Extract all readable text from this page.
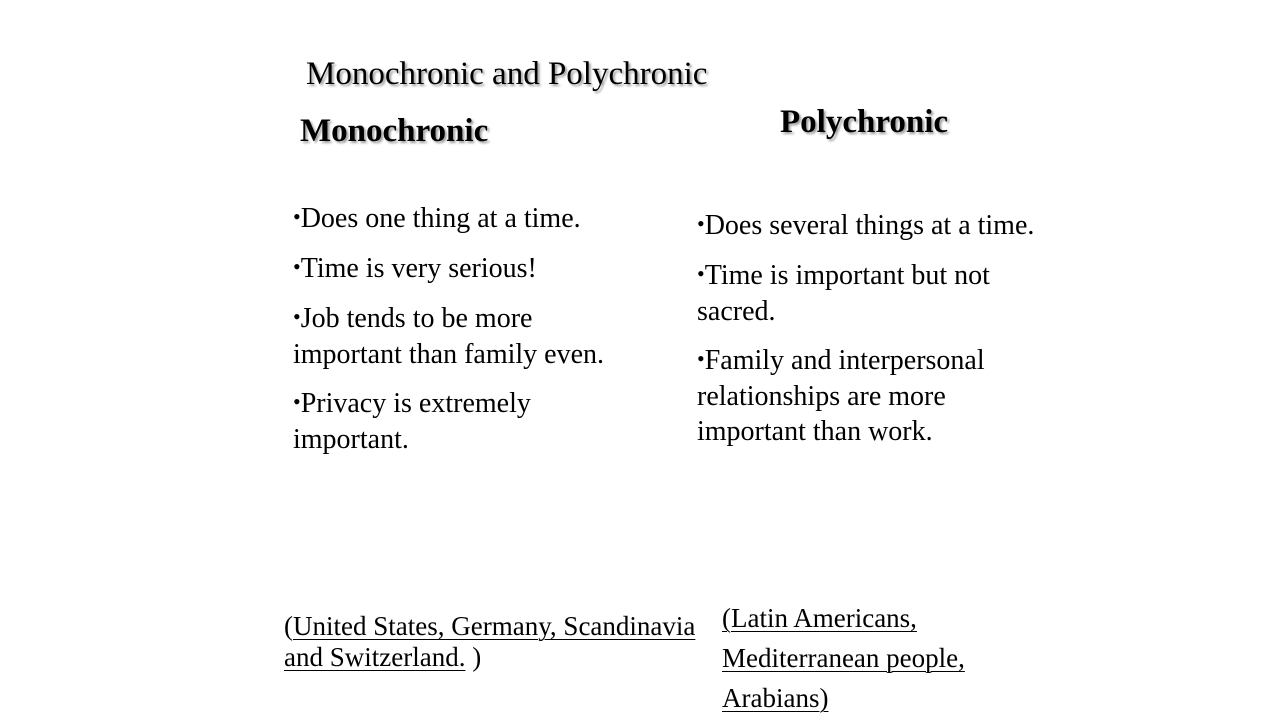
Monochronic and Polychronic
Monochronic	Polychronic

•Does one thing at a time.

•Time is very serious!

•Job tends to be more important than family even.

•Privacy is extremely important.

•Does several things at a time.

•Time is important but not sacred.

•Family and interpersonal relationships are more important than work.

(United States, Germany, Scandinavia and Switzerland. )
(Latin Americans, Mediterranean people, Arabians)
